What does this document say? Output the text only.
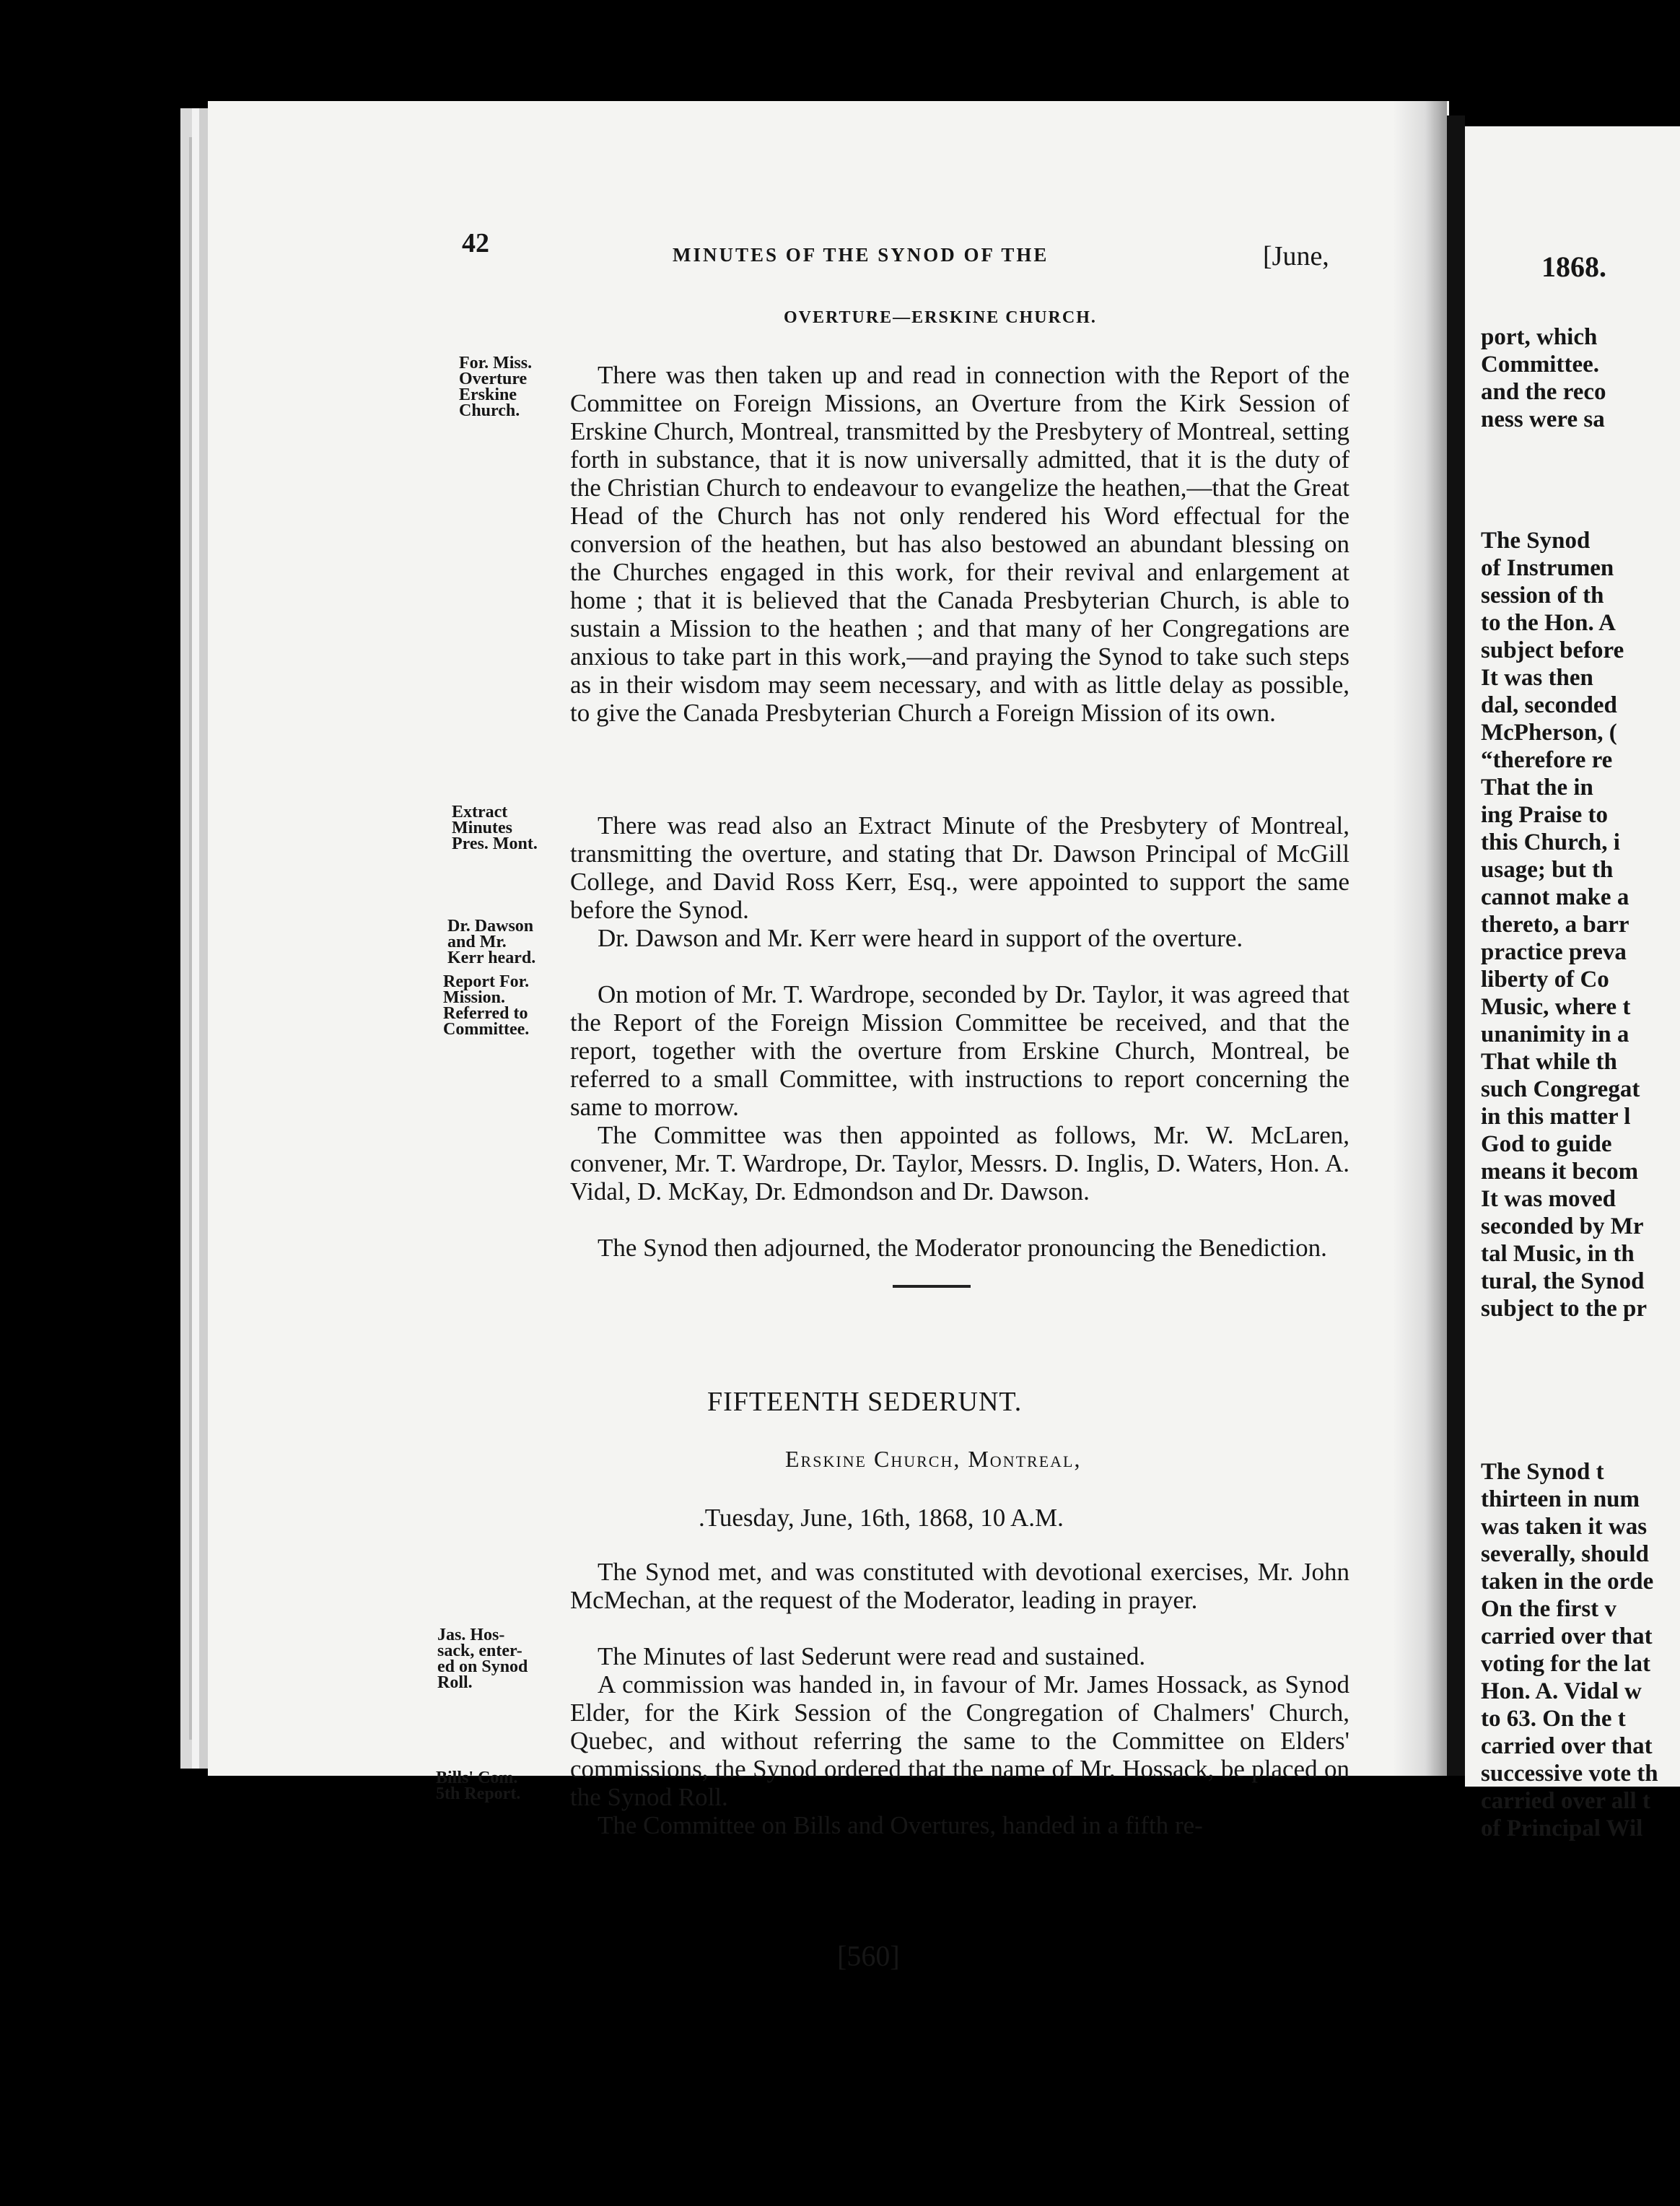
42	MINUTES OF THE SYNOD OF THE	[June,
OVERTURE—ERSKINE CHURCH.
For. Miss.
Overture
Erskine
Church.
Extract
Minutes
Pres. Mont.
Dr. Dawson
and Mr.
Kerr heard.
Report For.
Mission.
Referred to
Committee.
Jas. Hos-
sack, enter-
ed on Synod
Roll.
Bills' Com.
5th Report.

There was then taken up and read in connection with the Report of the Committee on Foreign Missions, an Overture from the Kirk Session of Erskine Church, Montreal, transmitted by the Presbytery of Montreal, setting forth in substance, that it is now universally admitted, that it is the duty of the Christian Church to endeavour to evangelize the heathen,—that the Great Head of the Church has not only rendered his Word effectual for the conversion of the heathen, but has also bestowed an abundant blessing on the Churches engaged in this work, for their revival and enlargement at home ; that it is believed that the Canada Presbyterian Church, is able to sustain a Mission to the heathen ; and that many of her Congregations are anxious to take part in this work,—and praying the Synod to take such steps as in their wisdom may seem necessary, and with as little delay as possible, to give the Canada Presbyterian Church a Foreign Mission of its own.

There was read also an Extract Minute of the Presbytery of Montreal, transmitting the overture, and stating that Dr. Dawson Principal of McGill College, and David Ross Kerr, Esq., were appointed to support the same before the Synod.

Dr. Dawson and Mr. Kerr were heard in support of the overture.

On motion of Mr. T. Wardrope, seconded by Dr. Taylor, it was agreed that the Report of the Foreign Mission Committee be received, and that the report, together with the overture from Erskine Church, Montreal, be referred to a small Committee, with instructions to report concerning the same to morrow.

The Committee was then appointed as follows, Mr. W. McLaren, convener, Mr. T. Wardrope, Dr. Taylor, Messrs. D. Inglis, D. Waters, Hon. A. Vidal, D. McKay, Dr. Edmondson and Dr. Dawson.

The Synod then adjourned, the Moderator pronouncing the Benediction.

FIFTEENTH SEDERUNT.
Erskine Church, Montreal,
.Tuesday, June, 16th, 1868, 10 A.M.

The Synod met, and was constituted with devotional exercises, Mr. John McMechan, at the request of the Moderator, leading in prayer.

The Minutes of last Sederunt were read and sustained.

A commission was handed in, in favour of Mr. James Hossack, as Synod Elder, for the Kirk Session of the Congregation of Chalmers' Church, Quebec, and without referring the same to the Committee on Elders' commissions, the Synod ordered that the name of Mr. Hossack, be placed on the Synod Roll.

The Committee on Bills and Overtures, handed in a fifth re-

[560]
1868.
port, which
Committee.
and the reco
ness were sa
The Synod
of Instrumen
session of th
to the Hon. A
subject before
It was then
dal, seconded
McPherson, (
“therefore re
That the in
ing Praise to
this Church, i
usage; but th
cannot make a
thereto, a barr
practice preva
liberty of Co
Music, where t
unanimity in a
That while th
such Congregat
in this matter l
God to guide
means it becom
It was moved
seconded by Mr
tal Music, in th
tural, the Synod
subject to the pr
The Synod t
thirteen in num
was taken it was
severally, should
taken in the orde
On the first v
carried over that
voting for the lat
Hon. A. Vidal w
to 63. On the t
carried over that
successive vote th
carried over all t
of Principal Wil
